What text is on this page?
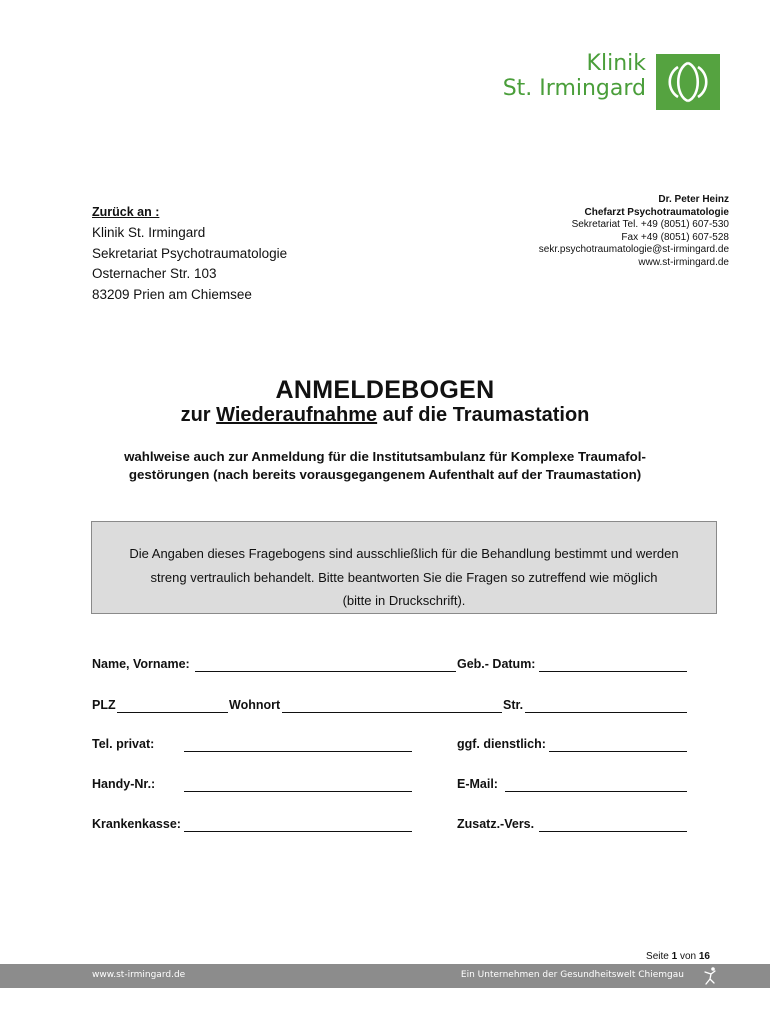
Klinik
St. Irmingard
Zurück an :
Klinik St. Irmingard
Sekretariat Psychotraumatologie
Osternacher Str. 103
83209 Prien am Chiemsee
Dr. Peter Heinz
Chefarzt Psychotraumatologie
Sekretariat Tel. +49 (8051) 607-530
Fax +49 (8051) 607-528
sekr.psychotraumatologie@st-irmingard.de
www.st-irmingard.de
ANMELDEBOGEN
zur Wiederaufnahme auf die Traumastation
wahlweise auch zur Anmeldung für die Institutsambulanz für Komplexe Traumafol-
gestörungen (nach bereits vorausgegangenem Aufenthalt auf der Traumastation)
Die Angaben dieses Fragebogens sind ausschließlich für die Behandlung bestimmt und werden
streng vertraulich behandelt. Bitte beantworten Sie die Fragen so zutreffend wie möglich
(bitte in Druckschrift).
Name, Vorname:	Geb.- Datum:
PLZ	Wohnort	Str.
Tel. privat:	ggf. dienstlich:
Handy-Nr.:	E-Mail:
Krankenkasse:	Zusatz.-Vers.
Seite 1 von 16
www.st-irmingard.de	Ein Unternehmen der Gesundheitswelt Chiemgau
